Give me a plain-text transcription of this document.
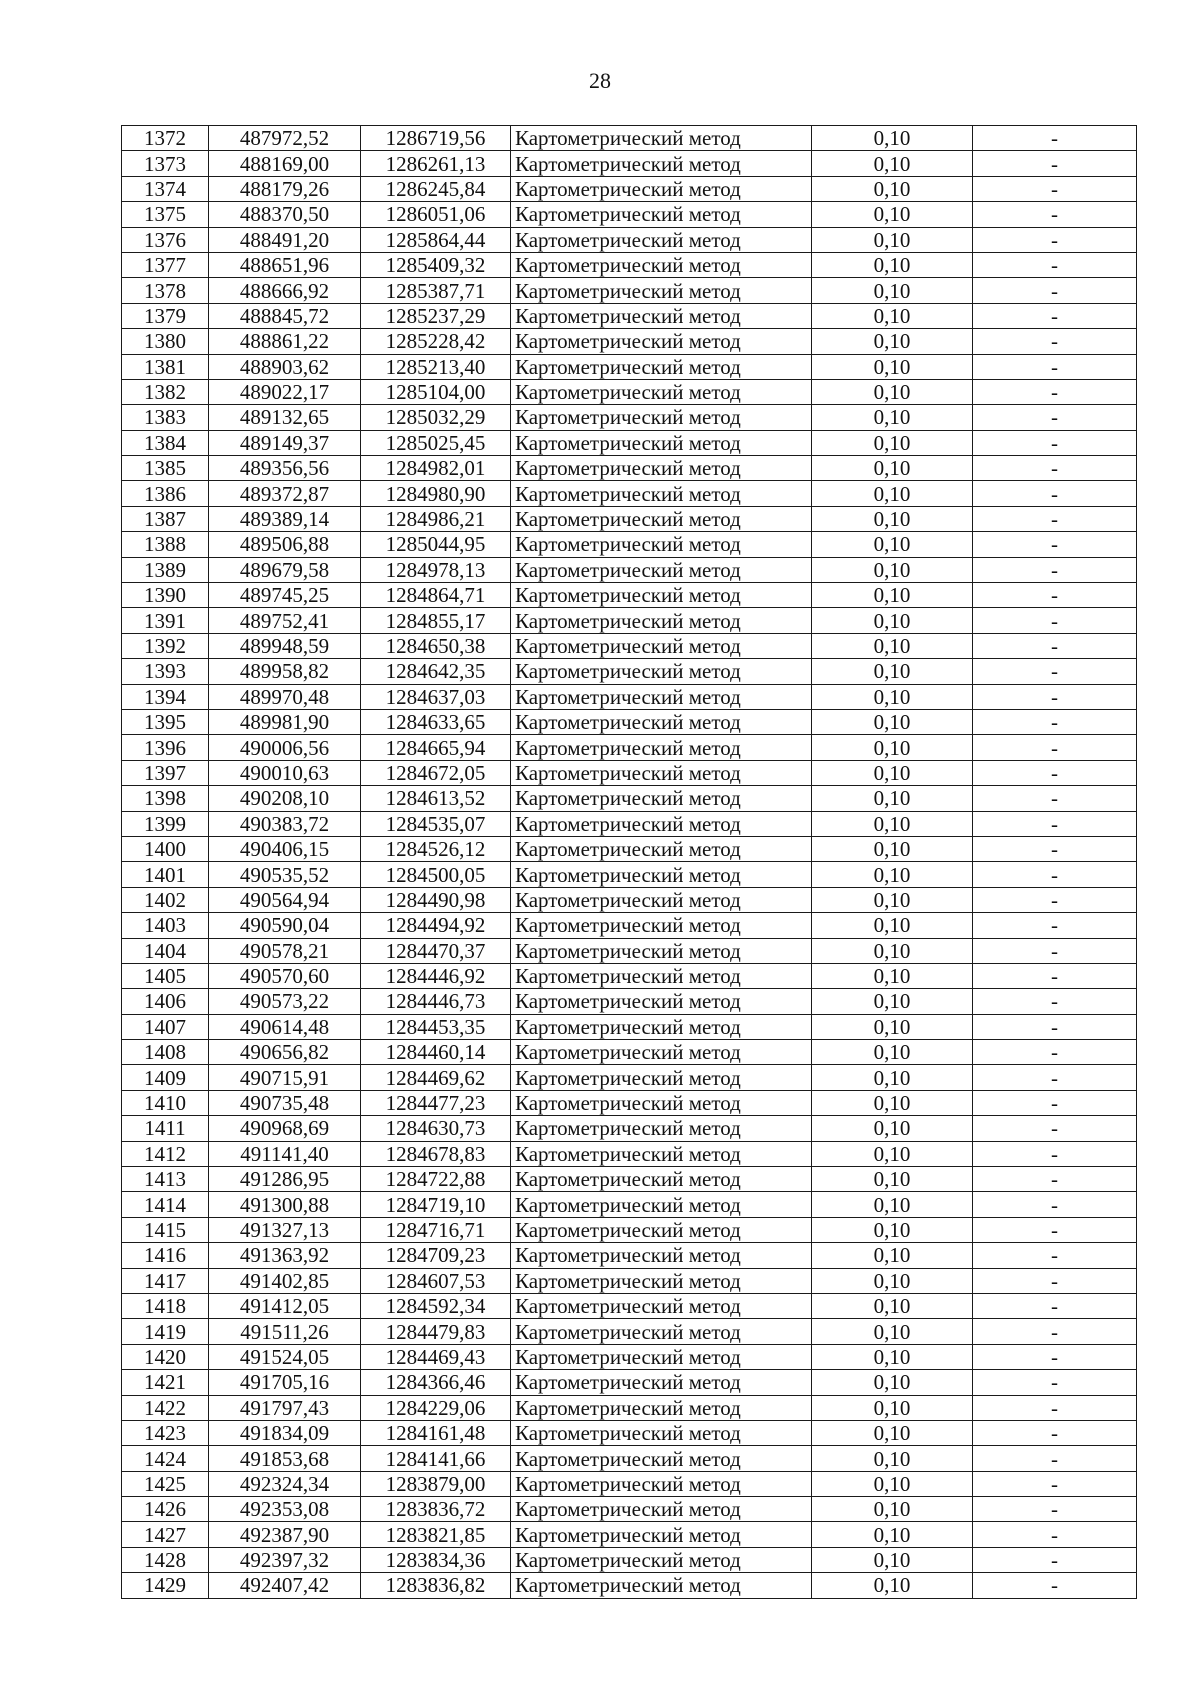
28
1372	487972,52	1286719,56	Картометрический метод	0,10	-
1373	488169,00	1286261,13	Картометрический метод	0,10	-
1374	488179,26	1286245,84	Картометрический метод	0,10	-
1375	488370,50	1286051,06	Картометрический метод	0,10	-
1376	488491,20	1285864,44	Картометрический метод	0,10	-
1377	488651,96	1285409,32	Картометрический метод	0,10	-
1378	488666,92	1285387,71	Картометрический метод	0,10	-
1379	488845,72	1285237,29	Картометрический метод	0,10	-
1380	488861,22	1285228,42	Картометрический метод	0,10	-
1381	488903,62	1285213,40	Картометрический метод	0,10	-
1382	489022,17	1285104,00	Картометрический метод	0,10	-
1383	489132,65	1285032,29	Картометрический метод	0,10	-
1384	489149,37	1285025,45	Картометрический метод	0,10	-
1385	489356,56	1284982,01	Картометрический метод	0,10	-
1386	489372,87	1284980,90	Картометрический метод	0,10	-
1387	489389,14	1284986,21	Картометрический метод	0,10	-
1388	489506,88	1285044,95	Картометрический метод	0,10	-
1389	489679,58	1284978,13	Картометрический метод	0,10	-
1390	489745,25	1284864,71	Картометрический метод	0,10	-
1391	489752,41	1284855,17	Картометрический метод	0,10	-
1392	489948,59	1284650,38	Картометрический метод	0,10	-
1393	489958,82	1284642,35	Картометрический метод	0,10	-
1394	489970,48	1284637,03	Картометрический метод	0,10	-
1395	489981,90	1284633,65	Картометрический метод	0,10	-
1396	490006,56	1284665,94	Картометрический метод	0,10	-
1397	490010,63	1284672,05	Картометрический метод	0,10	-
1398	490208,10	1284613,52	Картометрический метод	0,10	-
1399	490383,72	1284535,07	Картометрический метод	0,10	-
1400	490406,15	1284526,12	Картометрический метод	0,10	-
1401	490535,52	1284500,05	Картометрический метод	0,10	-
1402	490564,94	1284490,98	Картометрический метод	0,10	-
1403	490590,04	1284494,92	Картометрический метод	0,10	-
1404	490578,21	1284470,37	Картометрический метод	0,10	-
1405	490570,60	1284446,92	Картометрический метод	0,10	-
1406	490573,22	1284446,73	Картометрический метод	0,10	-
1407	490614,48	1284453,35	Картометрический метод	0,10	-
1408	490656,82	1284460,14	Картометрический метод	0,10	-
1409	490715,91	1284469,62	Картометрический метод	0,10	-
1410	490735,48	1284477,23	Картометрический метод	0,10	-
1411	490968,69	1284630,73	Картометрический метод	0,10	-
1412	491141,40	1284678,83	Картометрический метод	0,10	-
1413	491286,95	1284722,88	Картометрический метод	0,10	-
1414	491300,88	1284719,10	Картометрический метод	0,10	-
1415	491327,13	1284716,71	Картометрический метод	0,10	-
1416	491363,92	1284709,23	Картометрический метод	0,10	-
1417	491402,85	1284607,53	Картометрический метод	0,10	-
1418	491412,05	1284592,34	Картометрический метод	0,10	-
1419	491511,26	1284479,83	Картометрический метод	0,10	-
1420	491524,05	1284469,43	Картометрический метод	0,10	-
1421	491705,16	1284366,46	Картометрический метод	0,10	-
1422	491797,43	1284229,06	Картометрический метод	0,10	-
1423	491834,09	1284161,48	Картометрический метод	0,10	-
1424	491853,68	1284141,66	Картометрический метод	0,10	-
1425	492324,34	1283879,00	Картометрический метод	0,10	-
1426	492353,08	1283836,72	Картометрический метод	0,10	-
1427	492387,90	1283821,85	Картометрический метод	0,10	-
1428	492397,32	1283834,36	Картометрический метод	0,10	-
1429	492407,42	1283836,82	Картометрический метод	0,10	-
